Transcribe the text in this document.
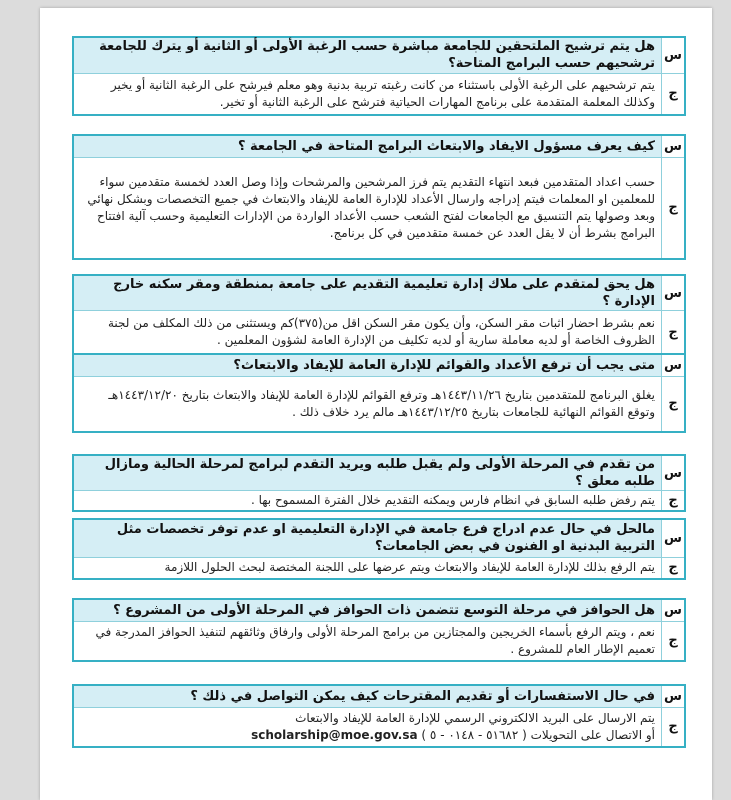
س	هل يتم ترشيح الملتحقين للجامعة مباشرة حسب الرغبة الأولى أو الثانية أو يترك للجامعة ترشحيهم حسب البرامج المتاحة؟
ج	يتم ترشحيهم على الرغبة الأولى باستثناء من كانت رغبته تربية بدنية وهو معلم فيرشح على الرغبة الثانية أو يخير وكذلك المعلمة المتقدمة على برنامج المهارات الحياتية فترشح على الرغبة الثانية أو تخير.
س	كيف يعرف مسؤول الايفاد والابتعاث البرامج المتاحة في الجامعة ؟
ج	حسب اعداد المتقدمين فبعد انتهاء التقديم يتم فرز المرشحين والمرشحات وإذا وصل العدد لخمسة متقدمين سواء للمعلمين او المعلمات فيتم إدراجه وارسال الأعداد للإدارة العامة للإيفاد والابتعاث في جميع التخصصات وبشكل نهائي وبعد وصولها يتم التنسيق مع الجامعات لفتح الشعب حسب الأعداد الواردة من الإدارات التعليمية وحسب آلية افتتاح البرامج بشرط أن لا يقل العدد عن خمسة متقدمين في كل برنامج.
س	هل يحق لمتقدم على ملاك إدارة تعليمية التقديم على جامعة بمنطقة ومقر سكنه خارج الإدارة ؟
ج	نعم بشرط احضار اثبات مقر السكن، وأن يكون مقر السكن اقل من(٣٧٥)كم ويستثنى من ذلك المكلف من لجنة الظروف الخاصة أو لديه معاملة سارية أو لديه تكليف من الإدارة العامة لشؤون المعلمين .
س	متى يجب أن ترفع الأعداد والقوائم للإدارة العامة للإيفاد والابتعاث؟
ج	يغلق البرنامج للمتقدمين بتاريخ ١٤٤٣/١١/٢٦هـ وترفع القوائم للإدارة العامة للإيفاد والابتعاث بتاريخ ١٤٤٣/١٢/٢٠هـ وتوقع القوائم النهائية للجامعات بتاريخ ١٤٤٣/١٢/٢٥هـ مالم يرد خلاف ذلك .
س	من تقدم في المرحلة الأولى ولم يقبل طلبه ويريد التقدم لبرامج لمرحلة الحالية ومازال طلبه معلق ؟
ج	يتم رفض طلبه السابق في انظام فارس ويمكنه التقديم خلال الفترة المسموح بها .
س	مالحل في حال عدم ادراج فرع جامعة في الإدارة التعليمية او عدم توفر تخصصات مثل التربية البدنية او الفنون في بعض الجامعات؟
ج	يتم الرفع بذلك للإدارة العامة للإيفاد والابتعاث ويتم عرضها على اللجنة المختصة لبحث الحلول اللازمة
س	هل الحوافز في مرحلة التوسع تتضمن ذات الحوافز في المرحلة الأولى من المشروع ؟
ج	نعم ، ويتم الرفع بأسماء الخريجين والمجتازين من برامج المرحلة الأولى وارفاق وثائقهم لتنفيذ الحوافز المدرجة في تعميم الإطار العام للمشروع .
س	في حال الاستفسارات أو تقديم المقترحات كيف يمكن التواصل في ذلك ؟
ج	يتم الارسال على البريد الالكتروني الرسمي للإدارة العامة للإيفاد والابتعاث
أو الاتصال على التحويلات ( ٥١٦٨٢ - ٠١٤٨ - ٥ ) scholarship@moe.gov.sa
